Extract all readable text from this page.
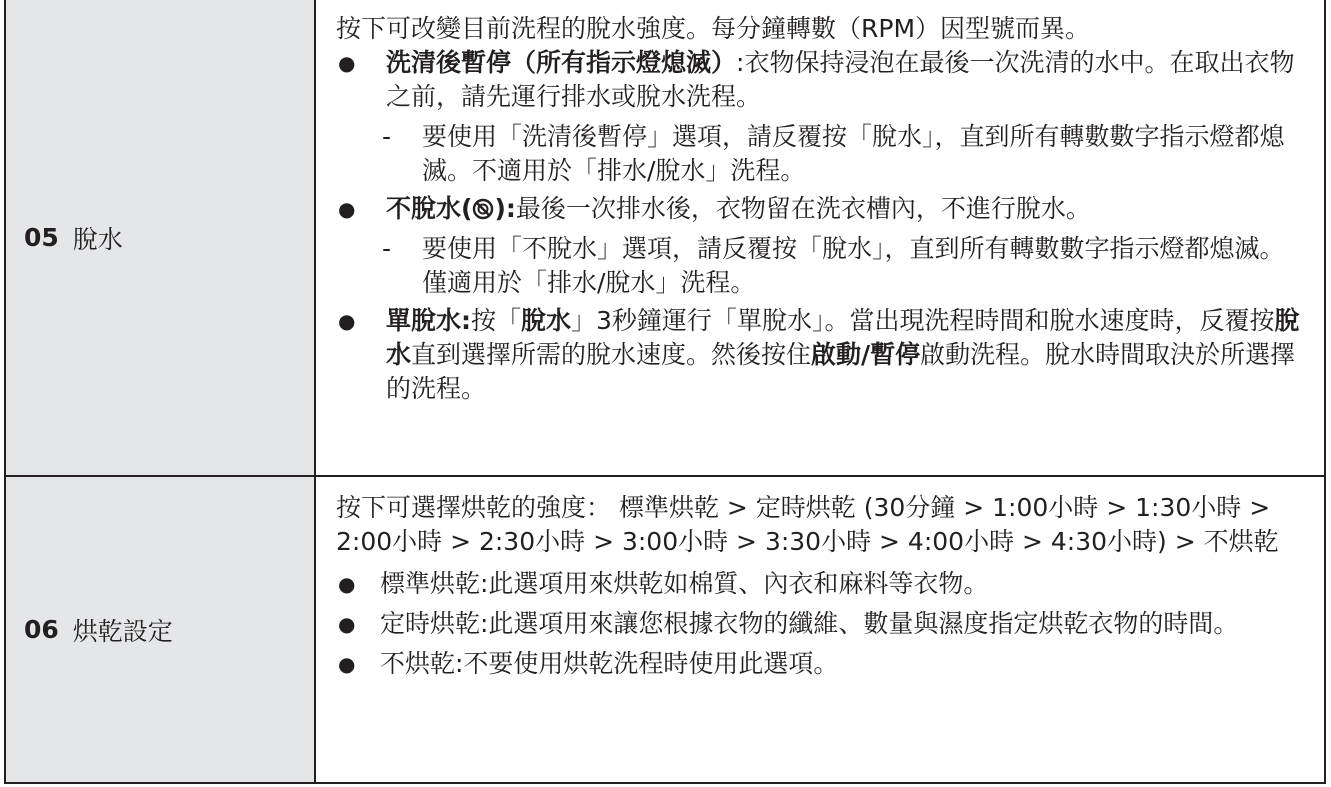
05 脫水

按下可改變目前洗程的脫水強度。每分鐘轉數（RPM）因型號而異。

●	洗清後暫停（所有指示燈熄滅）:衣物保持浸泡在最後一次洗清的水中。在取出衣物之前，請先運行排水或脫水洗程。
-	要使用「洗清後暫停」選項，請反覆按「脫水」，直到所有轉數數字指示燈都熄滅。不適用於「排水/脫水」洗程。
●	不脫水( ):最後一次排水後，衣物留在洗衣槽內，不進行脫水。
-	要使用「不脫水」選項，請反覆按「脫水」，直到所有轉數數字指示燈都熄滅。僅適用於「排水/脫水」洗程。
●	單脫水:按「脫水」3秒鐘運行「單脫水」。當出現洗程時間和脫水速度時，反覆按脫水直到選擇所需的脫水速度。然後按住啟動/暫停啟動洗程。脫水時間取決於所選擇的洗程。
06 烘乾設定

按下可選擇烘乾的強度： 標準烘乾 > 定時烘乾 (30分鐘 > 1:00小時 > 1:30小時 > 2:00小時 > 2:30小時 > 3:00小時 > 3:30小時 > 4:00小時 > 4:30小時) > 不烘乾

● 標準烘乾:此選項用來烘乾如棉質、內衣和麻料等衣物。
● 定時烘乾:此選項用來讓您根據衣物的纖維、數量與濕度指定烘乾衣物的時間。
● 不烘乾:不要使用烘乾洗程時使用此選項。
